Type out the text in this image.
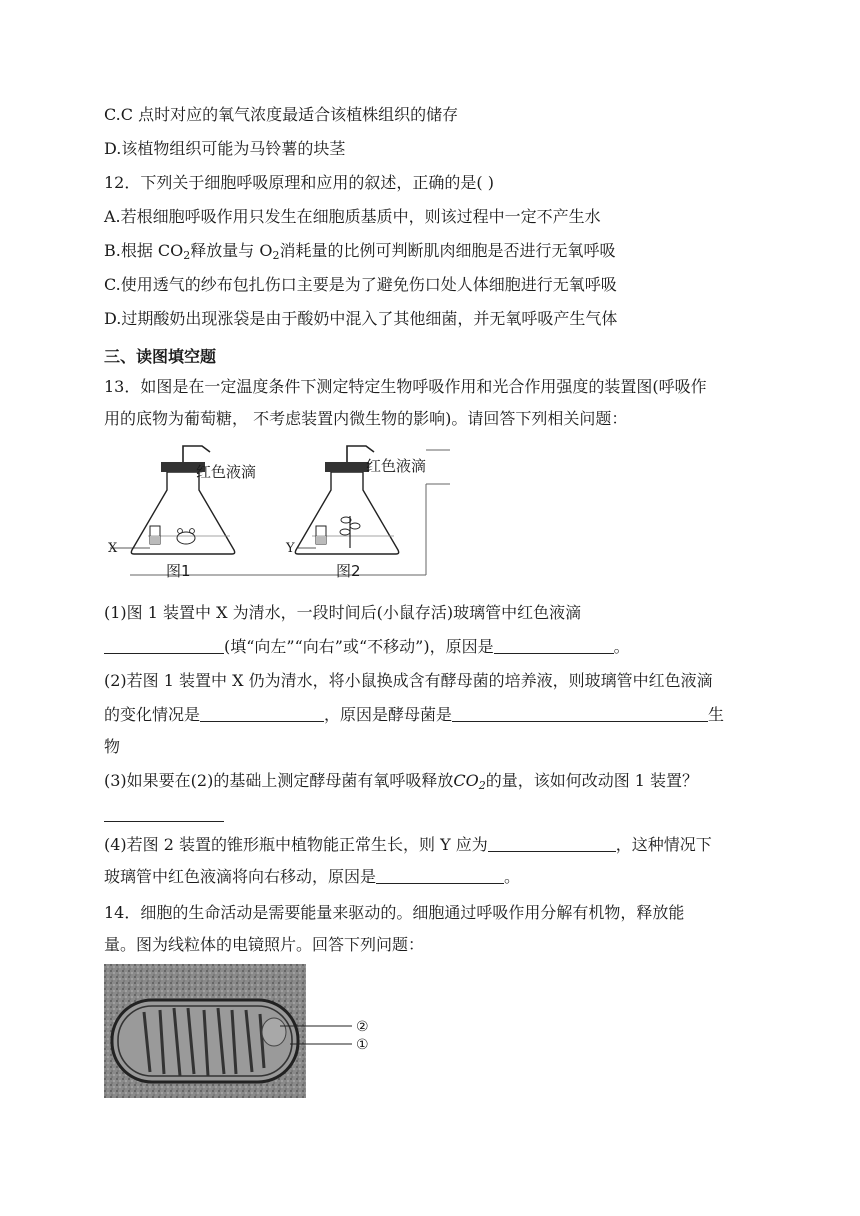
C.C 点时对应的氧气浓度最适合该植株组织的储存
D.该植物组织可能为马铃薯的块茎
12．下列关于细胞呼吸原理和应用的叙述，正确的是( )
A.若根细胞呼吸作用只发生在细胞质基质中，则该过程中一定不产生水
B.根据 $CO_2$释放量与 $O_2$消耗量的比例可判断肌肉细胞是否进行无氧呼吸
C.使用透气的纱布包扎伤口主要是为了避免伤口处人体细胞进行无氧呼吸
D.过期酸奶出现涨袋是由于酸奶中混入了其他细菌，并无氧呼吸产生气体
三、读图填空题
13．如图是在一定温度条件下测定特定生物呼吸作用和光合作用强度的装置图(呼吸作
用的底物为葡萄糖， 不考虑装置内微生物的影响)。请回答下列相关问题：
红色液滴
X
图1
红色液滴
Y
图2
(1)图 1 装置中 X 为清水，一段时间后(小鼠存活)玻璃管中红色液滴
(填“向左”“向右”或“不移动”)，原因是	。
(2)若图 1 装置中 X 仍为清水，将小鼠换成含有酵母菌的培养液，则玻璃管中红色液滴
的变化情况是	，原因是酵母菌是	生
物
(3)如果要在(2)的基础上测定酵母菌有氧呼吸释放$CO_2$的量，该如何改动图 1 装置？
(4)若图 2 装置的锥形瓶中植物能正常生长，则 Y 应为	，这种情况下
玻璃管中红色液滴将向右移动，原因是	。
14．细胞的生命活动是需要能量来驱动的。细胞通过呼吸作用分解有机物，释放能
量。图为线粒体的电镜照片。回答下列问题：
②
①
